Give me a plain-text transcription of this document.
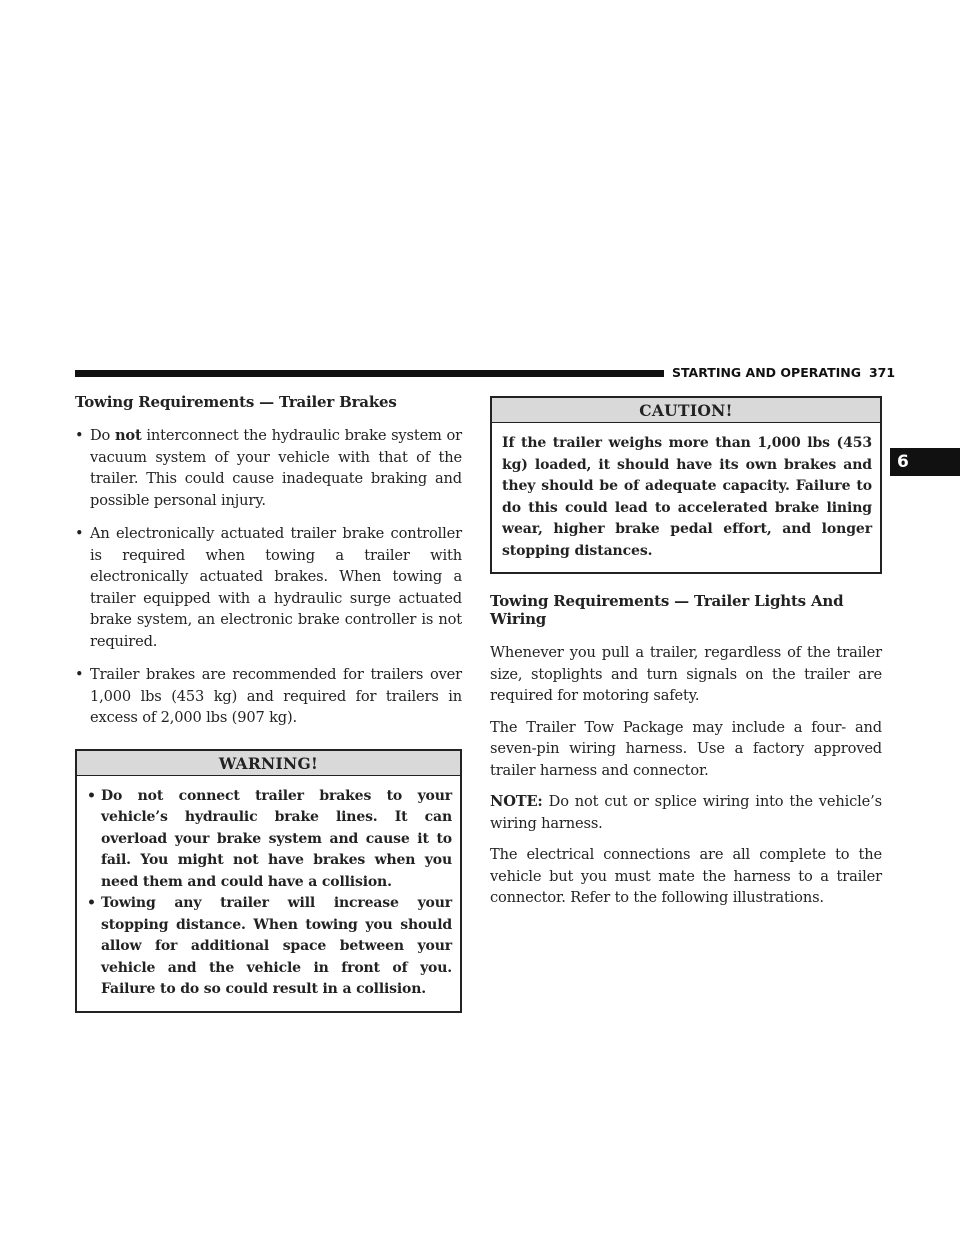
STARTING AND OPERATING 371
6
Towing Requirements — Trailer Brakes
• Do not interconnect the hydraulic brake system or vacuum system of your vehicle with that of the trailer. This could cause inadequate braking and possible personal injury.
• An electronically actuated trailer brake controller is required when towing a trailer with electronically actuated brakes. When towing a trailer equipped with a hydraulic surge actuated brake system, an electronic brake controller is not required.
• Trailer brakes are recommended for trailers over 1,000 lbs (453 kg) and required for trailers in excess of 2,000 lbs (907 kg).
WARNING!
• Do not connect trailer brakes to your vehicle’s hydraulic brake lines. It can overload your brake system and cause it to fail. You might not have brakes when you need them and could have a collision.
• Towing any trailer will increase your stopping distance. When towing you should allow for additional space between your vehicle and the vehicle in front of you. Failure to do so could result in a collision.
CAUTION!

If the trailer weighs more than 1,000 lbs (453 kg) loaded, it should have its own brakes and they should be of adequate capacity. Failure to do this could lead to accelerated brake lining wear, higher brake pedal effort, and longer stopping distances.

Towing Requirements — Trailer Lights And Wiring

Whenever you pull a trailer, regardless of the trailer size, stoplights and turn signals on the trailer are required for motoring safety.

The Trailer Tow Package may include a four- and seven-pin wiring harness. Use a factory approved trailer harness and connector.

NOTE: Do not cut or splice wiring into the vehicle’s wiring harness.

The electrical connections are all complete to the vehicle but you must mate the harness to a trailer connector. Refer to the following illustrations.
